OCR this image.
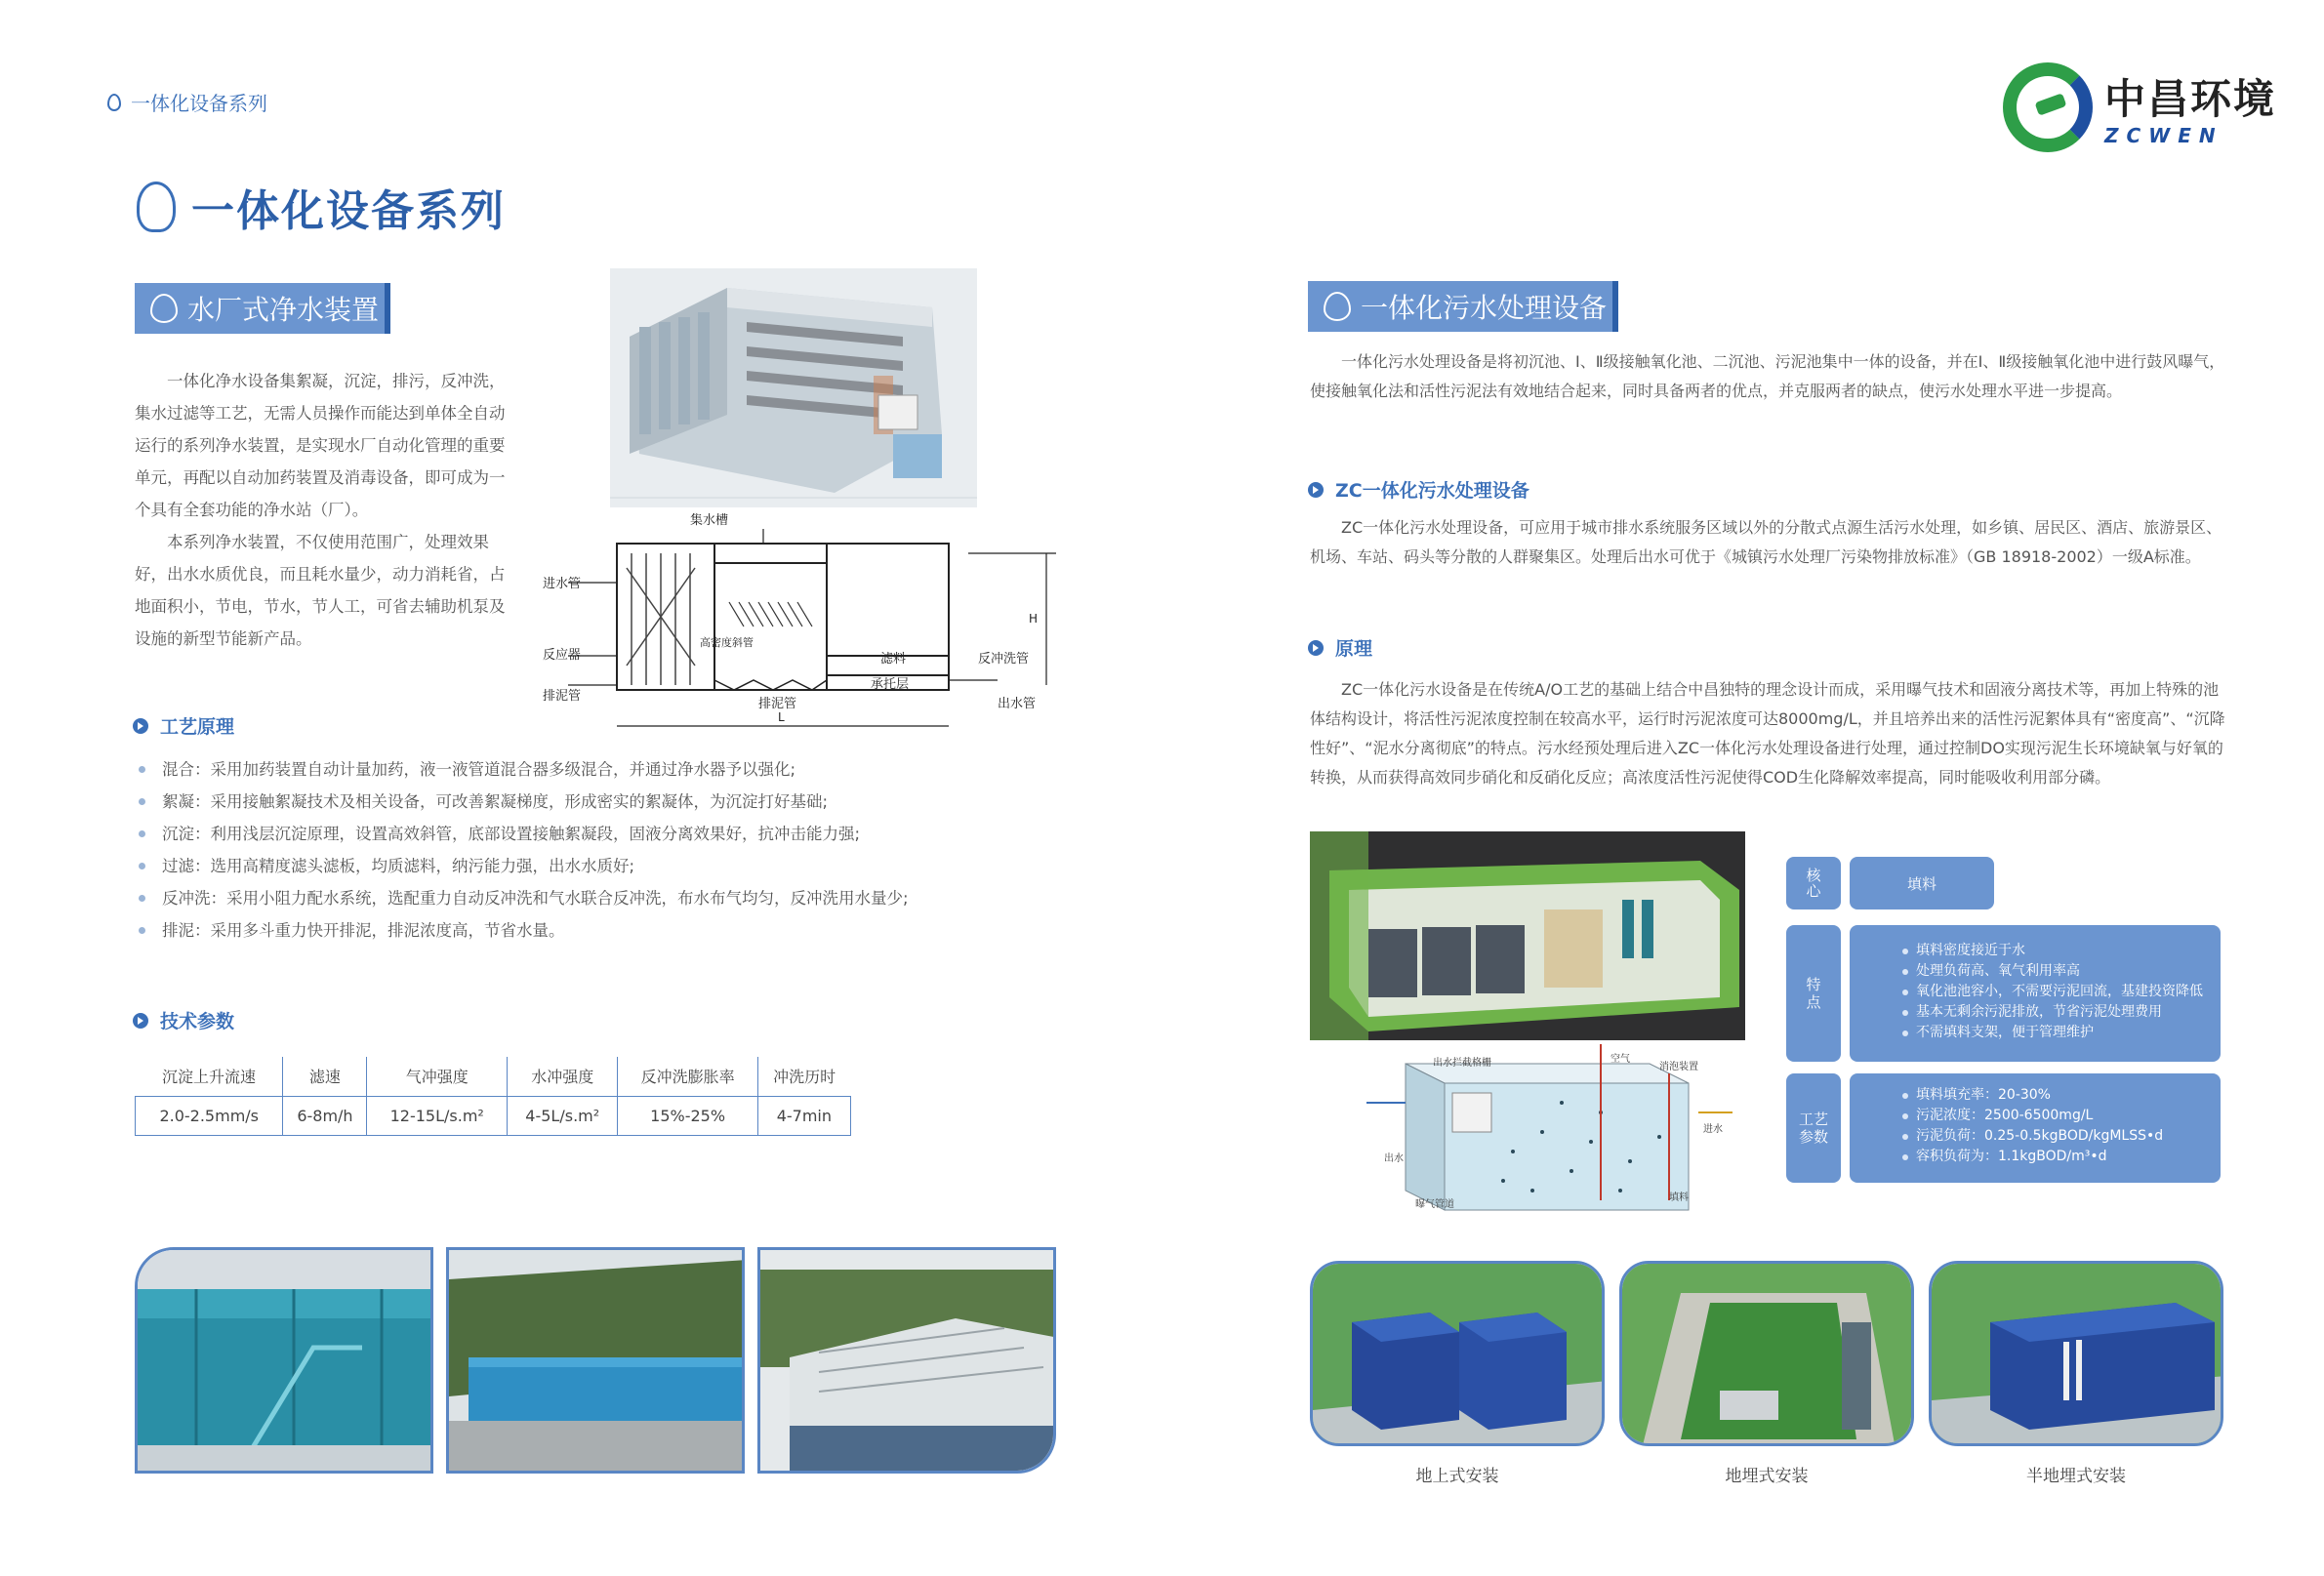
一体化设备系列	中昌环境
ZCWEN
一体化设备系列
水厂式净水装置

一体化净水设备集絮凝，沉淀，排污，反冲洗，集水过滤等工艺，无需人员操作而能达到单体全自动运行的系列净水装置，是实现水厂自动化管理的重要单元，再配以自动加药装置及消毒设备，即可成为一个具有全套功能的净水站（厂）。

本系列净水装置，不仅使用范围广，处理效果好，出水水质优良，而且耗水量少，动力消耗省，占地面积小，节电，节水，节人工，可省去辅助机泵及设施的新型节能新产品。

集水槽
进水管
反应器
排泥管
高密度斜管
滤料
承托层
反冲洗管
出水管
排泥管
H
L
工艺原理
混合：采用加药装置自动计量加药，液一液管道混合器多级混合，并通过净水器予以强化;
絮凝：采用接触絮凝技术及相关设备，可改善絮凝梯度，形成密实的絮凝体，为沉淀打好基础;
沉淀：利用浅层沉淀原理，设置高效斜管，底部设置接触絮凝段，固液分离效果好，抗冲击能力强;
过滤：选用高精度滤头滤板，均质滤料，纳污能力强，出水水质好;
反冲洗：采用小阻力配水系统，选配重力自动反冲洗和气水联合反冲洗，布水布气均匀，反冲洗用水量少;
排泥：采用多斗重力快开排泥，排泥浓度高，节省水量。
技术参数
沉淀上升流速	滤速	气冲强度	水冲强度	反冲洗膨胀率	冲洗历时
2.0-2.5mm/s	6-8m/h	12-15L/s.m²	4-5L/s.m²	15%-25%	4-7min
一体化污水处理设备

一体化污水处理设备是将初沉池、Ⅰ、Ⅱ级接触氧化池、二沉池、污泥池集中一体的设备，并在Ⅰ、Ⅱ级接触氧化池中进行鼓风曝气，使接触氧化法和活性污泥法有效地结合起来，同时具备两者的优点，并克服两者的缺点，使污水处理水平进一步提高。

ZC一体化污水处理设备

ZC一体化污水处理设备，可应用于城市排水系统服务区域以外的分散式点源生活污水处理，如乡镇、居民区、酒店、旅游景区、机场、车站、码头等分散的人群聚集区。处理后出水可优于《城镇污水处理厂污染物排放标准》（GB 18918-2002）一级A标准。

原理

ZC一体化污水设备是在传统A/O工艺的基础上结合中昌独特的理念设计而成，采用曝气技术和固液分离技术等，再加上特殊的池体结构设计，将活性污泥浓度控制在较高水平，运行时污泥浓度可达8000mg/L，并且培养出来的活性污泥絮体具有“密度高”、“沉降性好”、“泥水分离彻底”的特点。污水经预处理后进入ZC一体化污水处理设备进行处理，通过控制DO实现污泥生长环境缺氧与好氧的转换，从而获得高效同步硝化和反硝化反应；高浓度活性污泥使得COD生化降解效率提高，同时能吸收利用部分磷。

出水拦截格栅	空气
消泡装置
进水
出水
曝气管道
填料
核心	填料
特点
填料密度接近于水
处理负荷高、氧气利用率高
氧化池池容小，不需要污泥回流，基建投资降低
基本无剩余污泥排放，节省污泥处理费用
不需填料支架，便于管理维护
工艺参数
填料填充率：20-30%
污泥浓度：2500-6500mg/L
污泥负荷：0.25-0.5kgBOD/kgMLSS•d
容积负荷为：1.1kgBOD/m³•d
地上式安装	地埋式安装	半地埋式安装
